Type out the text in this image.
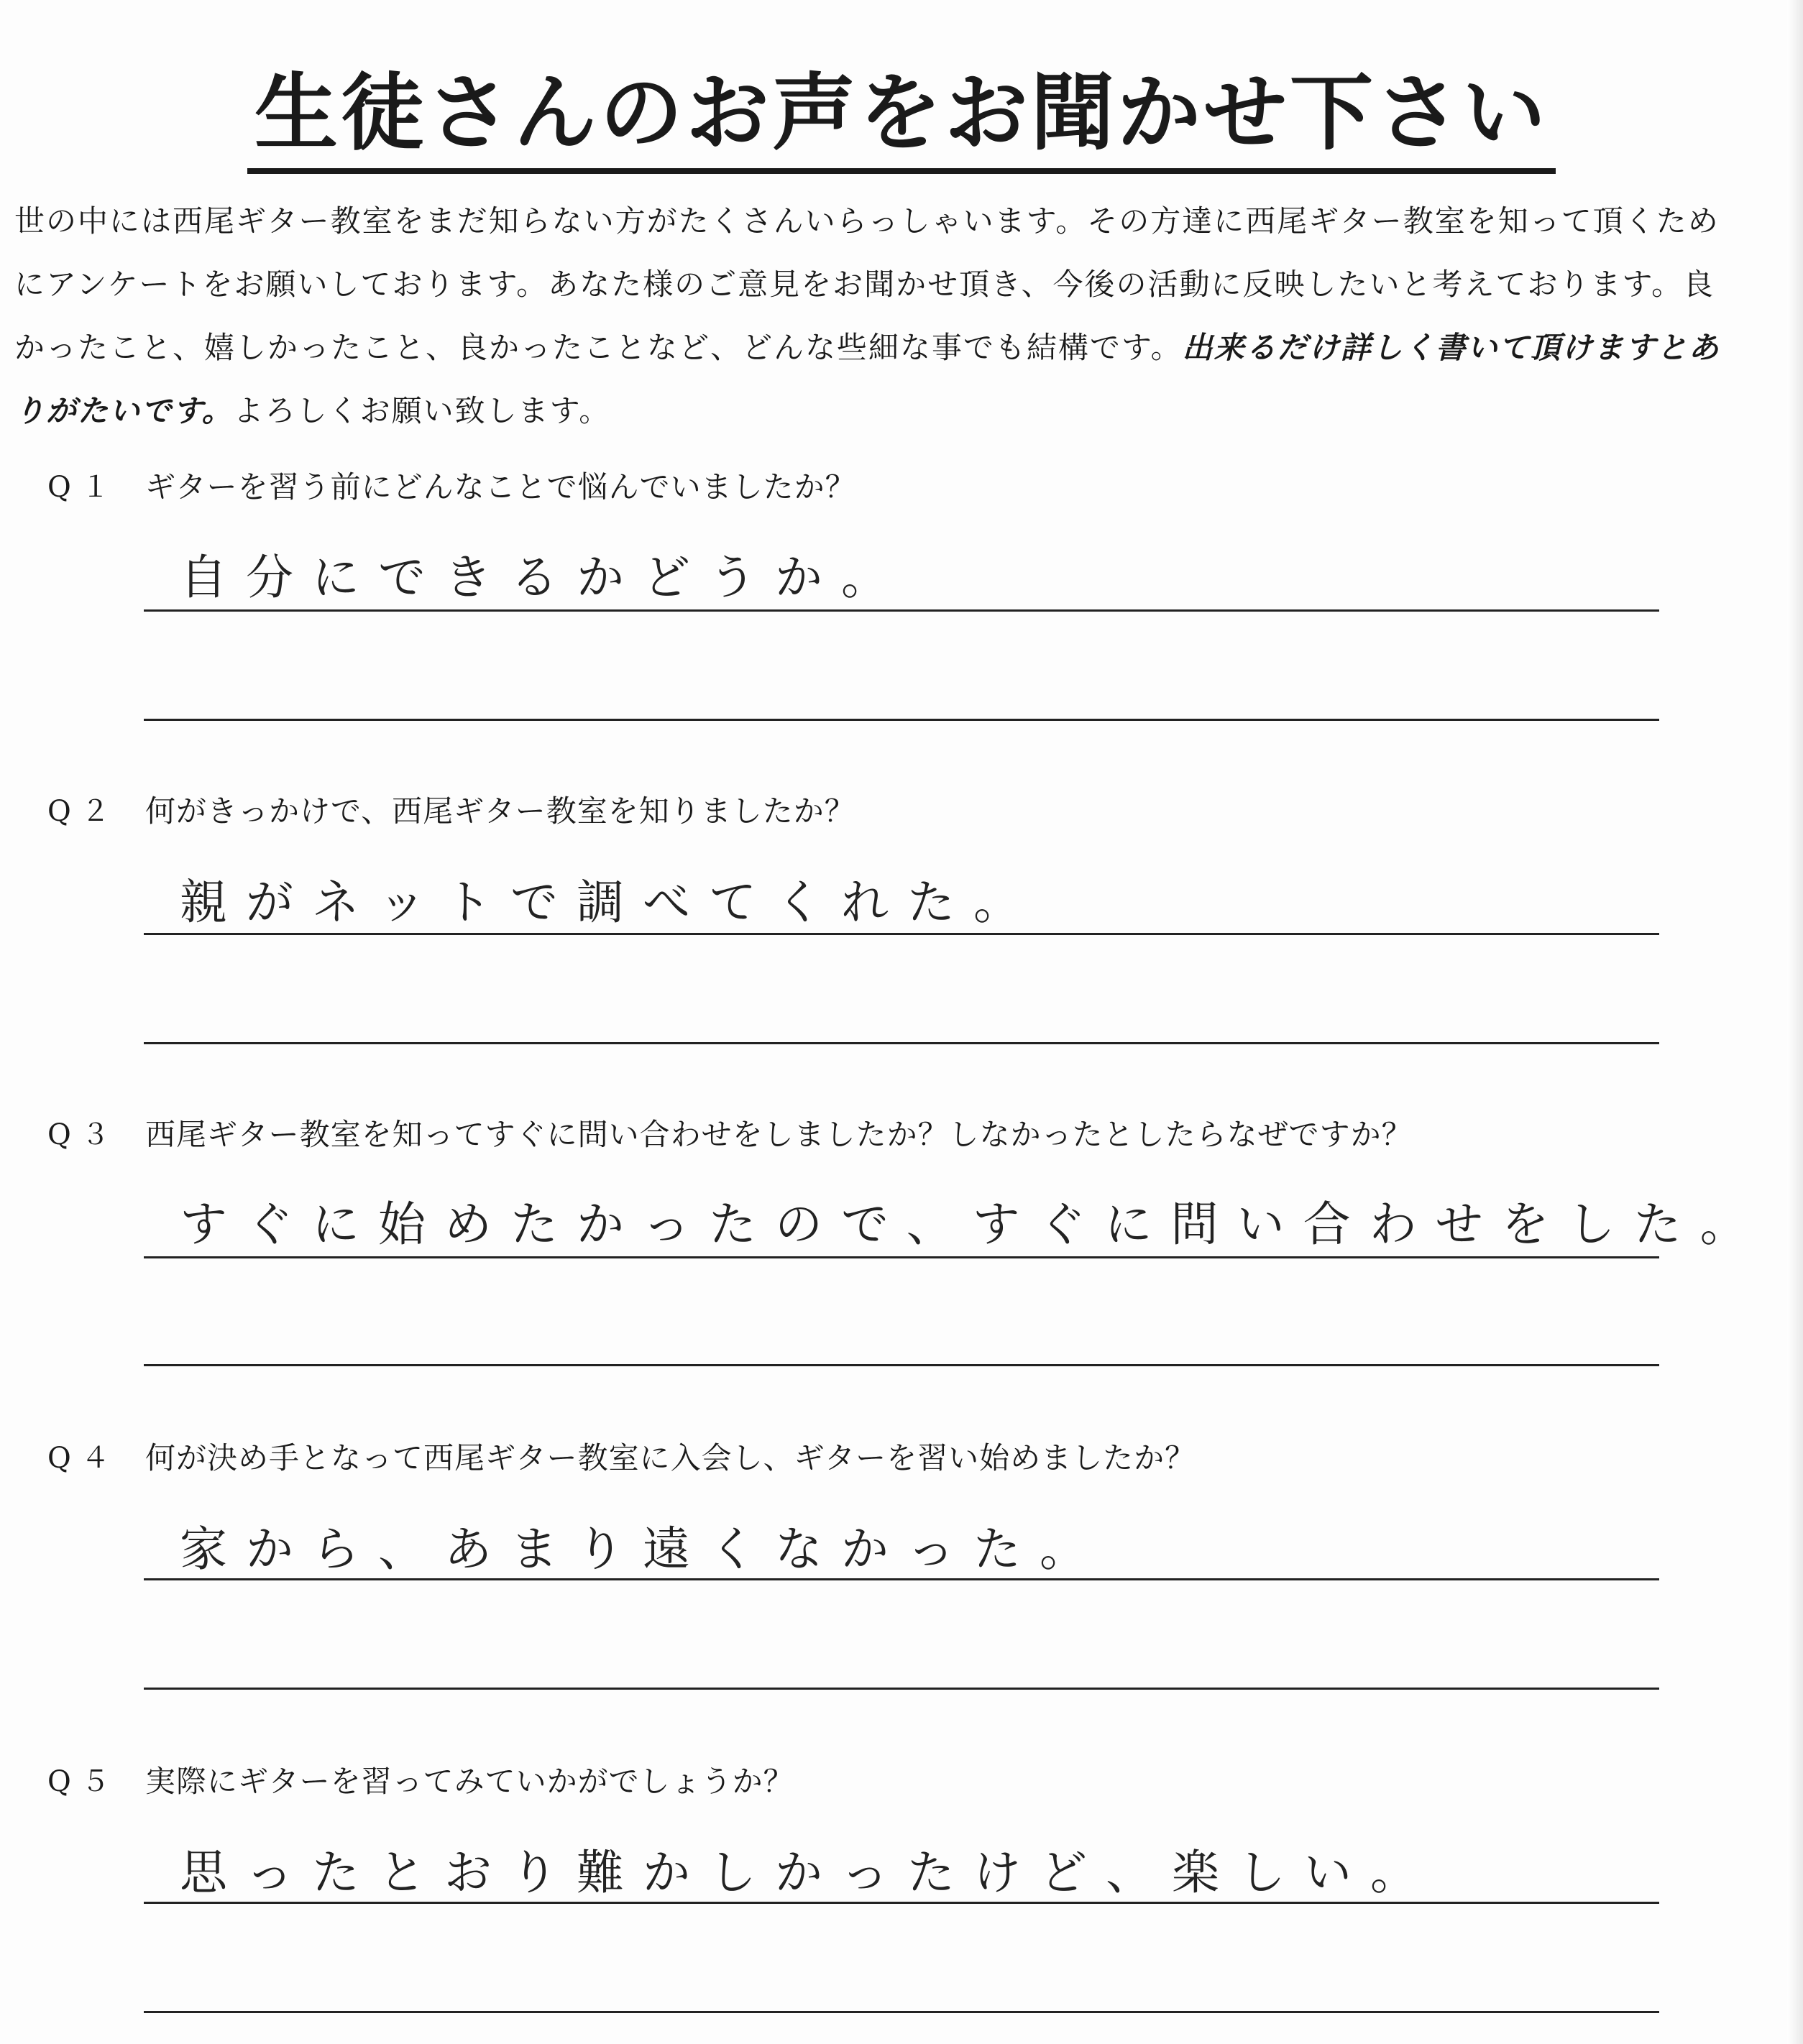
生徒さんのお声をお聞かせ下さい

世の中には西尾ギター教室をまだ知らない方がたくさんいらっしゃいます。その方達に西尾ギター教室を知って頂くためにアンケートをお願いしております。あなた様のご意見をお聞かせ頂き、今後の活動に反映したいと考えております。良かったこと、嬉しかったこと、良かったことなど、どんな些細な事でも結構です。出来るだけ詳しく書いて頂けますとありがたいです。よろしくお願い致します。

Q１ ギターを習う前にどんなことで悩んでいましたか？
自分にできるかどうか。
Q２ 何がきっかけで、西尾ギター教室を知りましたか？
親がネットで調べてくれた。
Q３ 西尾ギター教室を知ってすぐに問い合わせをしましたか？しなかったとしたらなぜですか？
すぐに始めたかったので、すぐに問い合わせをした。
Q４ 何が決め手となって西尾ギター教室に入会し、ギターを習い始めましたか？
家から、あまり遠くなかった。
Q５ 実際にギターを習ってみていかがでしょうか？
思ったとおり難かしかったけど、楽しい。
